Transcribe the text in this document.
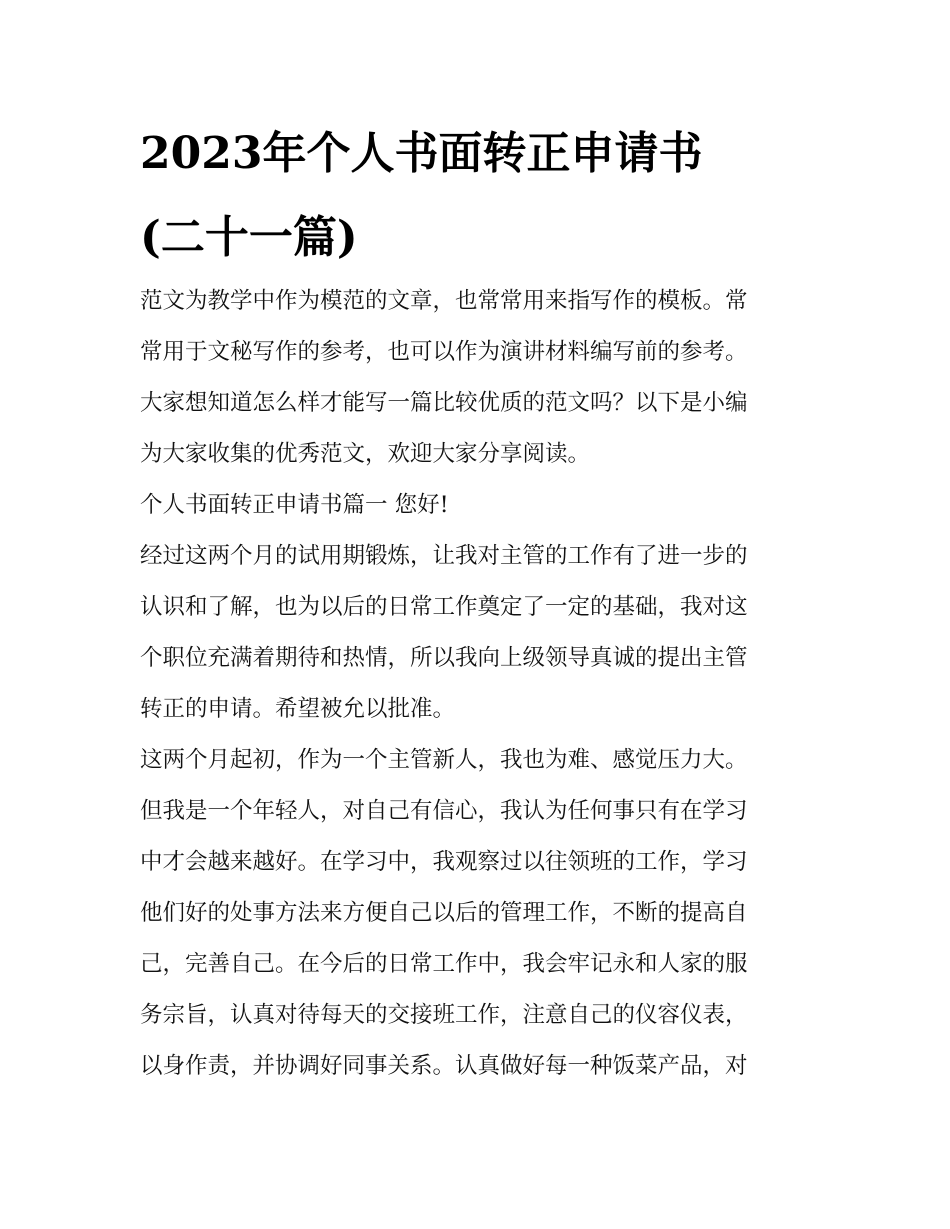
2023年个人书面转正申请书
(二十一篇)
范文为教学中作为模范的文章，也常常用来指写作的模板。常
常用于文秘写作的参考，也可以作为演讲材料编写前的参考。
大家想知道怎么样才能写一篇比较优质的范文吗？以下是小编
为大家收集的优秀范文，欢迎大家分享阅读。
个人书面转正申请书篇一 您好!
经过这两个月的试用期锻炼，让我对主管的工作有了进一步的
认识和了解，也为以后的日常工作奠定了一定的基础，我对这
个职位充满着期待和热情，所以我向上级领导真诚的提出主管
转正的申请。希望被允以批准。
这两个月起初，作为一个主管新人，我也为难、感觉压力大。
但我是一个年轻人，对自己有信心，我认为任何事只有在学习
中才会越来越好。在学习中，我观察过以往领班的工作，学习
他们好的处事方法来方便自己以后的管理工作，不断的提高自
己，完善自己。在今后的日常工作中，我会牢记永和人家的服
务宗旨，认真对待每天的交接班工作，注意自己的仪容仪表，
以身作责，并协调好同事关系。认真做好每一种饭菜产品，对
